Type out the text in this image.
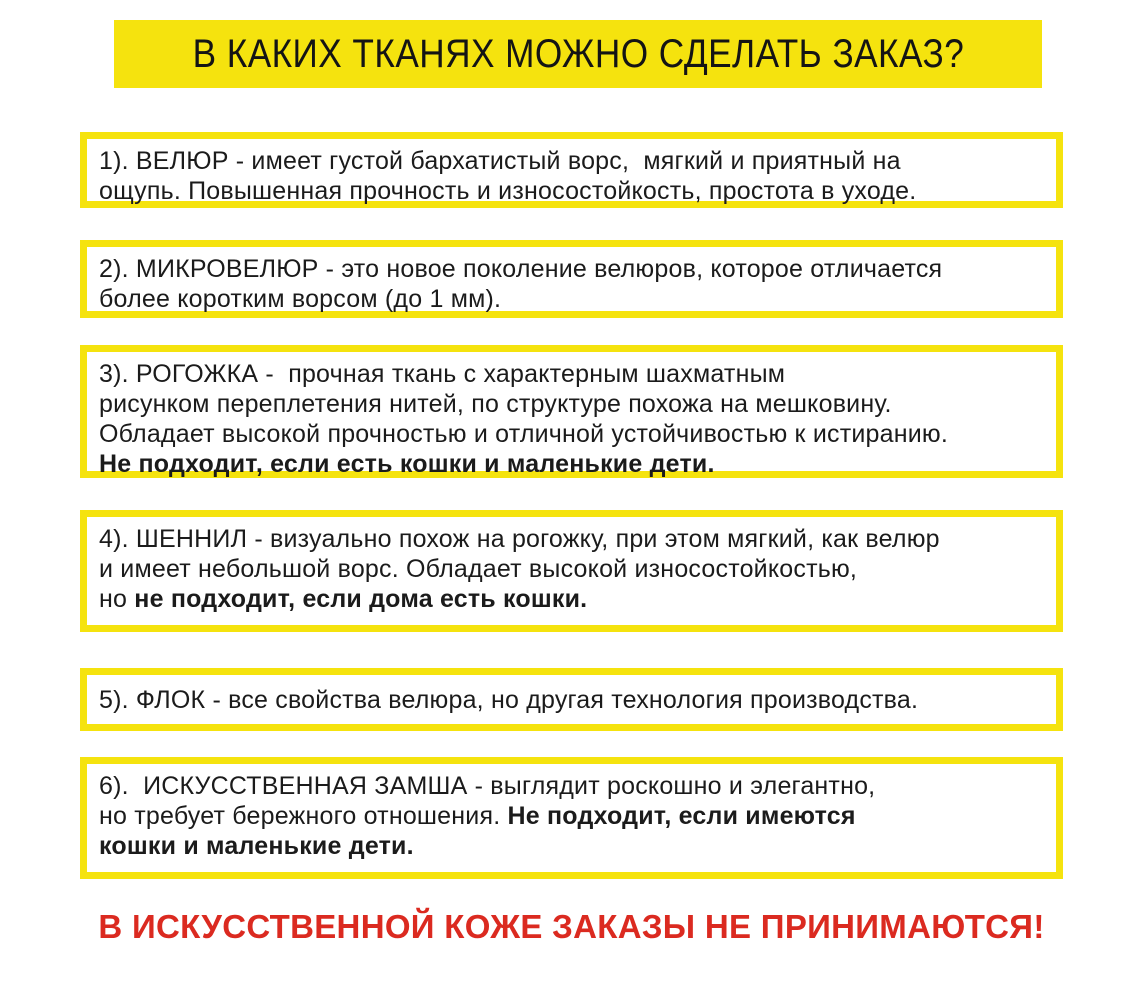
В КАКИХ ТКАНЯХ МОЖНО СДЕЛАТЬ ЗАКАЗ?
1). ВЕЛЮР - имеет густой бархатистый ворс,  мягкий и приятный на
ощупь. Повышенная прочность и износостойкость, простота в уходе.
2). МИКРОВЕЛЮР - это новое поколение велюров, которое отличается
более коротким ворсом (до 1 мм).
3). РОГОЖКА -  прочная ткань с характерным шахматным
рисунком переплетения нитей, по структуре похожа на мешковину.
Обладает высокой прочностью и отличной устойчивостью к истиранию.
Не подходит, если есть кошки и маленькие дети.
4). ШЕННИЛ - визуально похож на рогожку, при этом мягкий, как велюр
и имеет небольшой ворс. Обладает высокой износостойкостью,
но не подходит, если дома есть кошки.
5). ФЛОК - все свойства велюра, но другая технология производства.
6).  ИСКУССТВЕННАЯ ЗАМША - выглядит роскошно и элегантно,
но требует бережного отношения. Не подходит, если имеются
кошки и маленькие дети.
В ИСКУССТВЕННОЙ КОЖЕ ЗАКАЗЫ НЕ ПРИНИМАЮТСЯ!
